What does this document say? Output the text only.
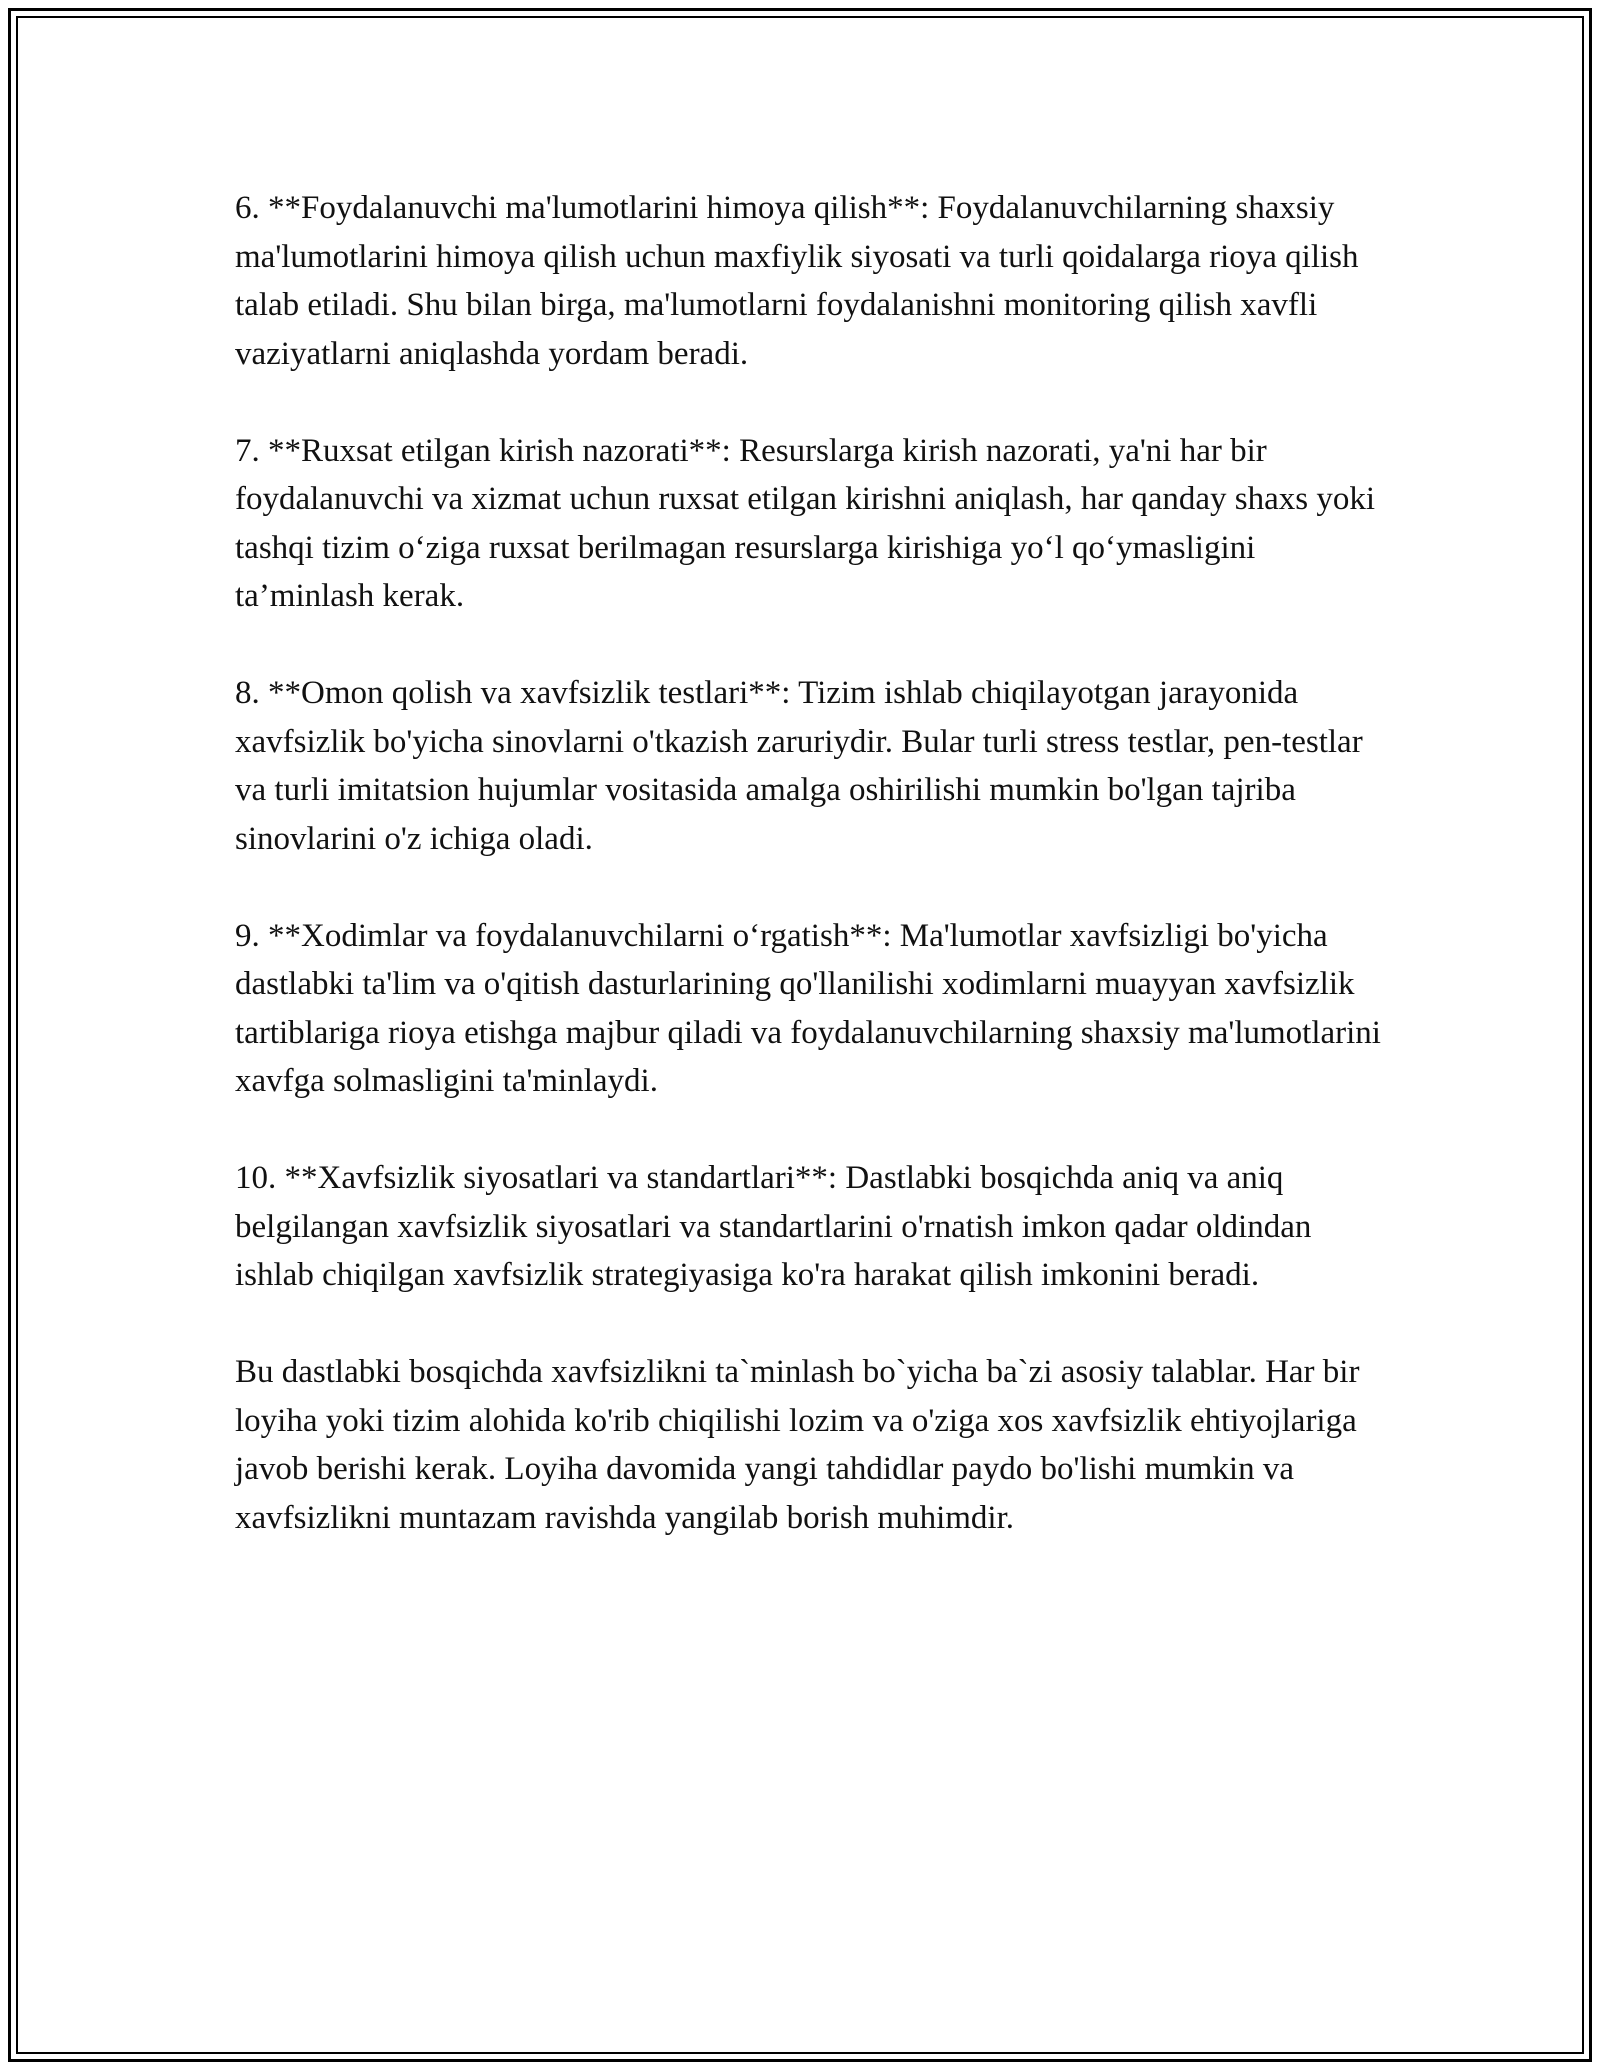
6. **Foydalanuvchi ma'lumotlarini himoya qilish**: Foydalanuvchilarning shaxsiy ma'lumotlarini himoya qilish uchun maxfiylik siyosati va turli qoidalarga rioya qilish talab etiladi. Shu bilan birga, ma'lumotlarni foydalanishni monitoring qilish xavfli vaziyatlarni aniqlashda yordam beradi.

7. **Ruxsat etilgan kirish nazorati**: Resurslarga kirish nazorati, ya'ni har bir foydalanuvchi va xizmat uchun ruxsat etilgan kirishni aniqlash, har qanday shaxs yoki tashqi tizim o‘ziga ruxsat berilmagan resurslarga kirishiga yo‘l qo‘ymasligini ta’minlash kerak.

8. **Omon qolish va xavfsizlik testlari**: Tizim ishlab chiqilayotgan jarayonida xavfsizlik bo'yicha sinovlarni o'tkazish zaruriydir. Bular turli stress testlar, pen-testlar va turli imitatsion hujumlar vositasida amalga oshirilishi mumkin bo'lgan tajriba sinovlarini o'z ichiga oladi.

9. **Xodimlar va foydalanuvchilarni o‘rgatish**: Ma'lumotlar xavfsizligi bo'yicha dastlabki ta'lim va o'qitish dasturlarining qo'llanilishi xodimlarni muayyan xavfsizlik tartiblariga rioya etishga majbur qiladi va foydalanuvchilarning shaxsiy ma'lumotlarini xavfga solmasligini ta'minlaydi.

10. **Xavfsizlik siyosatlari va standartlari**: Dastlabki bosqichda aniq va aniq belgilangan xavfsizlik siyosatlari va standartlarini o'rnatish imkon qadar oldindan ishlab chiqilgan xavfsizlik strategiyasiga ko'ra harakat qilish imkonini beradi.

Bu dastlabki bosqichda xavfsizlikni ta`minlash bo`yicha ba`zi asosiy talablar. Har bir loyiha yoki tizim alohida ko'rib chiqilishi lozim va o'ziga xos xavfsizlik ehtiyojlariga javob berishi kerak. Loyiha davomida yangi tahdidlar paydo bo'lishi mumkin va xavfsizlikni muntazam ravishda yangilab borish muhimdir.
